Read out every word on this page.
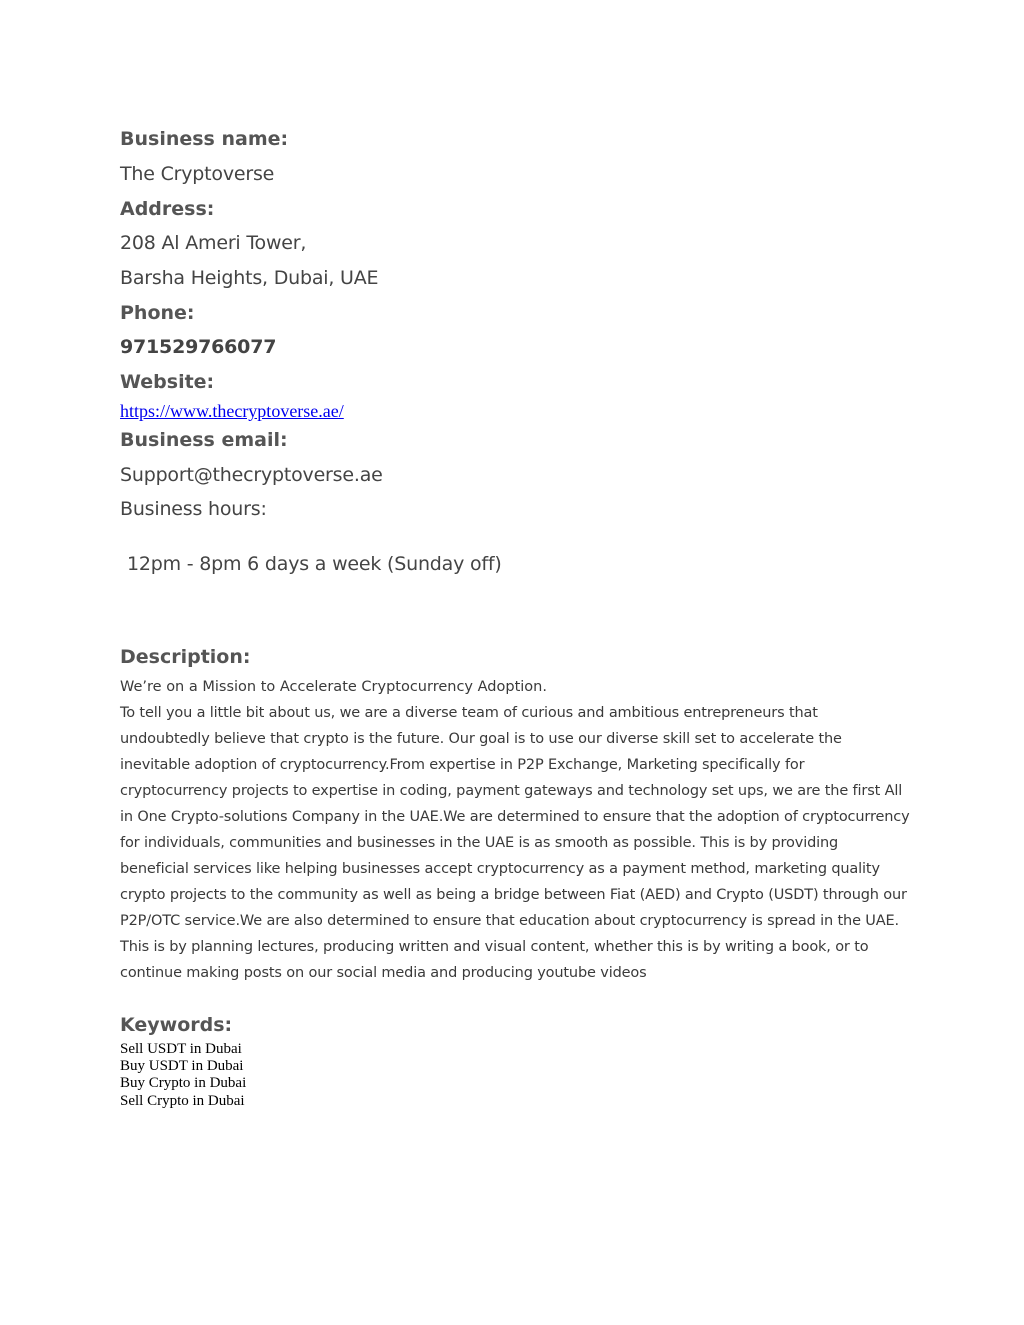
Business name:
The Cryptoverse
Address:
208 Al Ameri Tower,
Barsha Heights, Dubai, UAE
Phone:
971529766077
Website:
https://www.thecryptoverse.ae/
Business email:
Support@thecryptoverse.ae
Business hours:
12pm - 8pm 6 days a week (Sunday off)
Description:
We’re on a Mission to Accelerate Cryptocurrency Adoption.
To tell you a little bit about us, we are a diverse team of curious and ambitious entrepreneurs that undoubtedly believe that crypto is the future. Our goal is to use our diverse skill set to accelerate the inevitable adoption of cryptocurrency.From expertise in P2P Exchange, Marketing specifically for cryptocurrency projects to expertise in coding, payment gateways and technology set ups, we are the first All in One Crypto-solutions Company in the UAE.We are determined to ensure that the adoption of cryptocurrency for individuals, communities and businesses in the UAE is as smooth as possible. This is by providing beneficial services like helping businesses accept cryptocurrency as a payment method, marketing quality crypto projects to the community as well as being a bridge between Fiat (AED) and Crypto (USDT) through our P2P/OTC service.We are also determined to ensure that education about cryptocurrency is spread in the UAE. This is by planning lectures, producing written and visual content, whether this is by writing a book, or to continue making posts on our social media and producing youtube videos
Keywords:
Sell USDT in Dubai
Buy USDT in Dubai
Buy Crypto in Dubai
Sell Crypto in Dubai
